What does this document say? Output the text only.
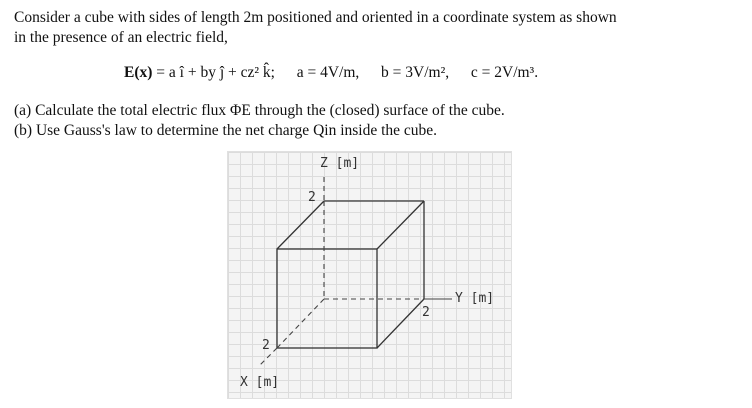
Consider a cube with sides of length 2m positioned and oriented in a coordinate system as shown
in the presence of an electric field,
E(x) = a î + by ĵ + cz² k̂; a = 4V/m, b = 3V/m², c = 2V/m³.
(a) Calculate the total electric flux ΦE through the (closed) surface of the cube.
(b) Use Gauss's law to determine the net charge Qin inside the cube.
Z [m]
Y [m]
X [m]
2
2
2
